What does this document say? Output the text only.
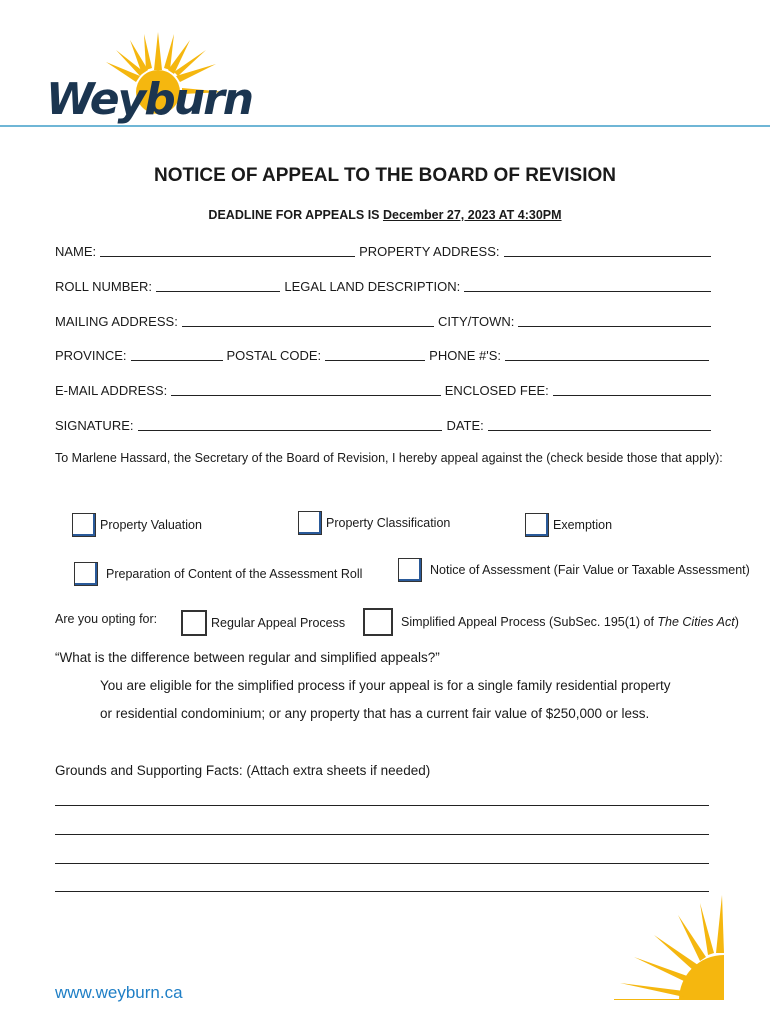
Weyburn
NOTICE OF APPEAL TO THE BOARD OF REVISION
DEADLINE FOR APPEALS IS December 27, 2023 AT 4:30PM
NAME:	PROPERTY ADDRESS:
ROLL NUMBER:	LEGAL LAND DESCRIPTION:
MAILING ADDRESS:	CITY/TOWN:
PROVINCE:	POSTAL CODE:	PHONE #'S:
E-MAIL ADDRESS:	ENCLOSED FEE:
SIGNATURE:	DATE:
To Marlene Hassard, the Secretary of the Board of Revision, I hereby appeal against the (check beside those that apply):
Property Valuation	Property Classification	Exemption
Preparation of Content of the Assessment Roll	Notice of Assessment (Fair Value or Taxable Assessment)
Are you opting for:	Regular Appeal Process	Simplified Appeal Process (SubSec. 195(1) of The Cities Act)
“What is the difference between regular and simplified appeals?”
You are eligible for the simplified process if your appeal is for a single family residential property
or residential condominium; or any property that has a current fair value of $250,000 or less.
Grounds and Supporting Facts: (Attach extra sheets if needed)
www.weyburn.ca
